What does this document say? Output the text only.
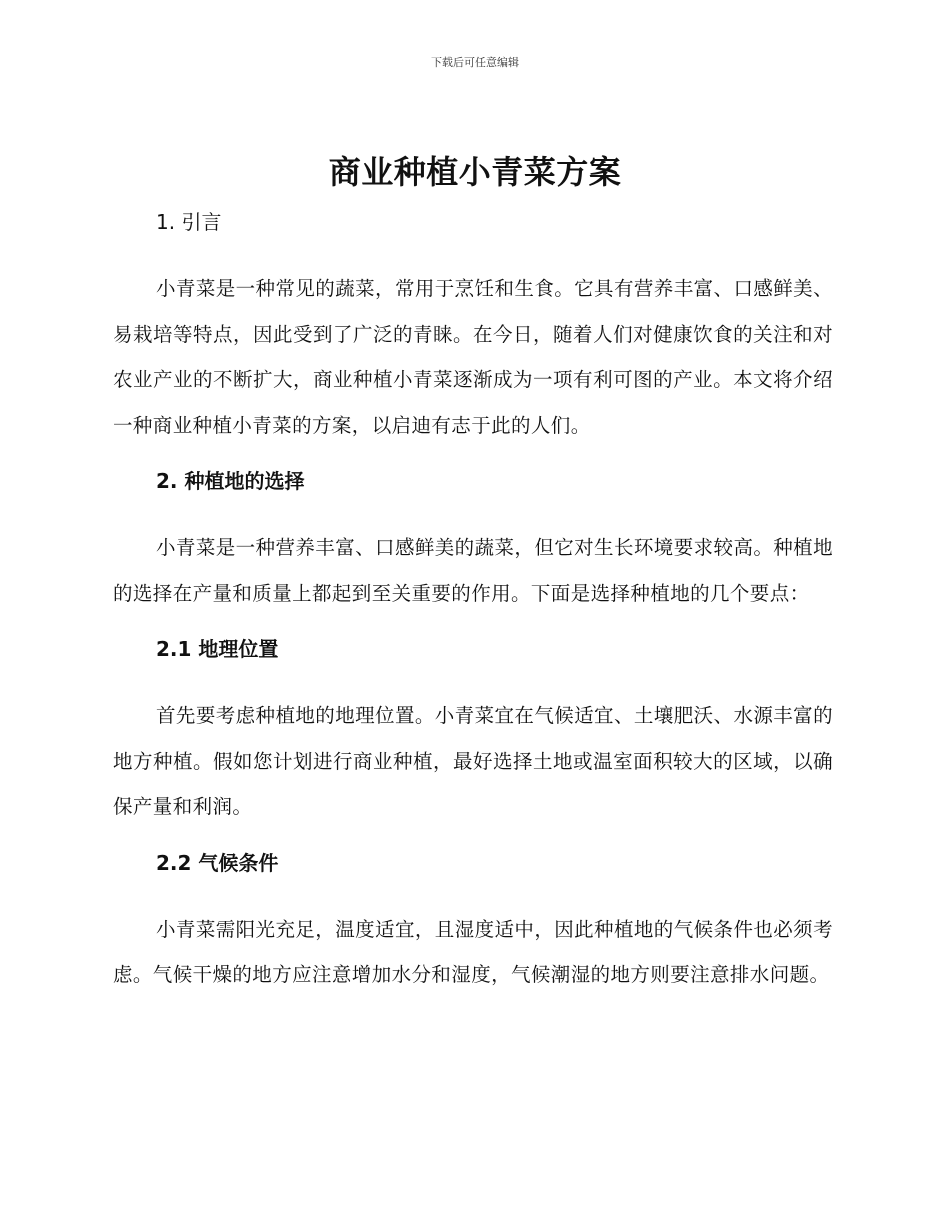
下载后可任意编辑
商业种植小青菜方案
1. 引言

小青菜是一种常见的蔬菜，常用于烹饪和生食。它具有营养丰富、口感鲜美、易栽培等特点，因此受到了广泛的青睐。在今日，随着人们对健康饮食的关注和对农业产业的不断扩大，商业种植小青菜逐渐成为一项有利可图的产业。本文将介绍一种商业种植小青菜的方案，以启迪有志于此的人们。

2. 种植地的选择

小青菜是一种营养丰富、口感鲜美的蔬菜，但它对生长环境要求较高。种植地的选择在产量和质量上都起到至关重要的作用。下面是选择种植地的几个要点：

2.1 地理位置

首先要考虑种植地的地理位置。小青菜宜在气候适宜、土壤肥沃、水源丰富的地方种植。假如您计划进行商业种植，最好选择土地或温室面积较大的区域，以确保产量和利润。

2.2 气候条件

小青菜需阳光充足，温度适宜，且湿度适中，因此种植地的气候条件也必须考虑。气候干燥的地方应注意增加水分和湿度，气候潮湿的地方则要注意排水问题。
